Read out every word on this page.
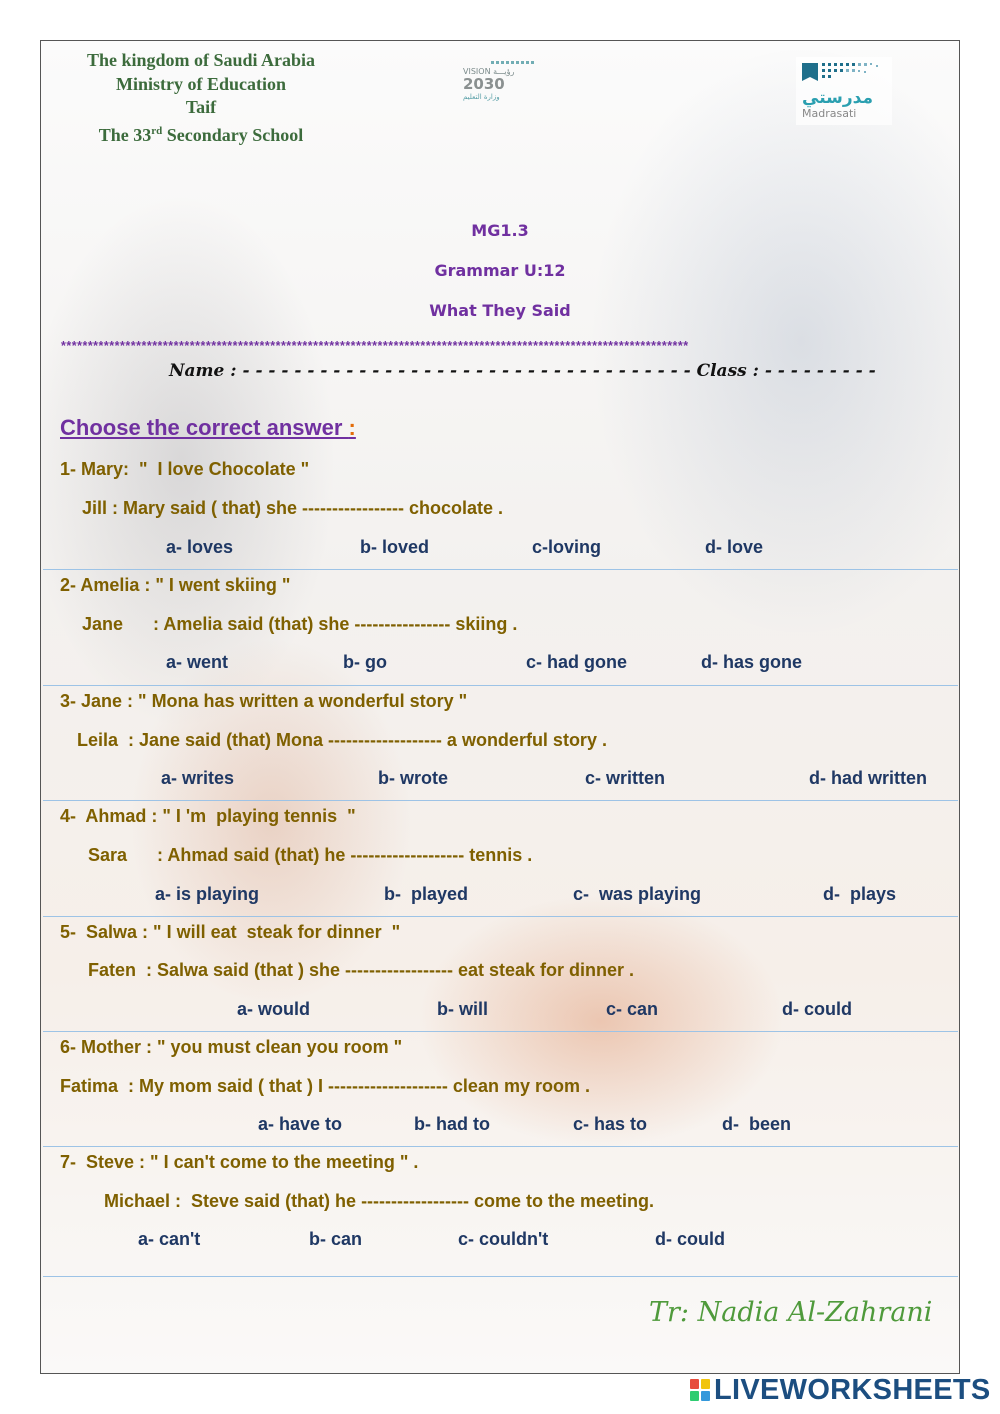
The kingdom of Saudi Arabia
Ministry of Education
Taif
The 33rd Secondary School
VISION رؤيـــة
2030
وزارة التعليم	مدرستي
Madrasati
MG1.3
Grammar U:12
What They Said
*********************************************************************************************************************
Name : - - - - - - - - - - - - - - - - - - - - - - - - - - - - - - - - - - - Class : - - - - - - - - -
Choose the correct answer :
1- Mary:  "  I love Chocolate "
Jill : Mary said ( that) she ----------------- chocolate .
a- loves	b- loved	c-loving	d- love
2- Amelia : " I went skiing "
Jane      : Amelia said (that) she ---------------- skiing .
a- went	b- go	c- had gone	d- has gone
3- Jane : " Mona has written a wonderful story "
Leila  : Jane said (that) Mona ------------------- a wonderful story .
a- writes	b- wrote	c- written	d- had written
4-  Ahmad : " I 'm  playing tennis  "
Sara      : Ahmad said (that) he ------------------- tennis .
a- is playing	b-  played	c-  was playing	d-  plays
5-  Salwa : " I will eat  steak for dinner  "
Faten  : Salwa said (that ) she ------------------ eat steak for dinner .
a- would	b- will	c- can	d- could
6- Mother : " you must clean you room "
Fatima  : My mom said ( that ) I -------------------- clean my room .
a- have to	b- had to	c- has to	d-  been
7-  Steve : " I can't come to the meeting " .
Michael :  Steve said (that) he ------------------ come to the meeting.
a- can't	b- can	c- couldn't	d- could
Tr: Nadia Al-Zahrani
LIVEWORKSHEETS
